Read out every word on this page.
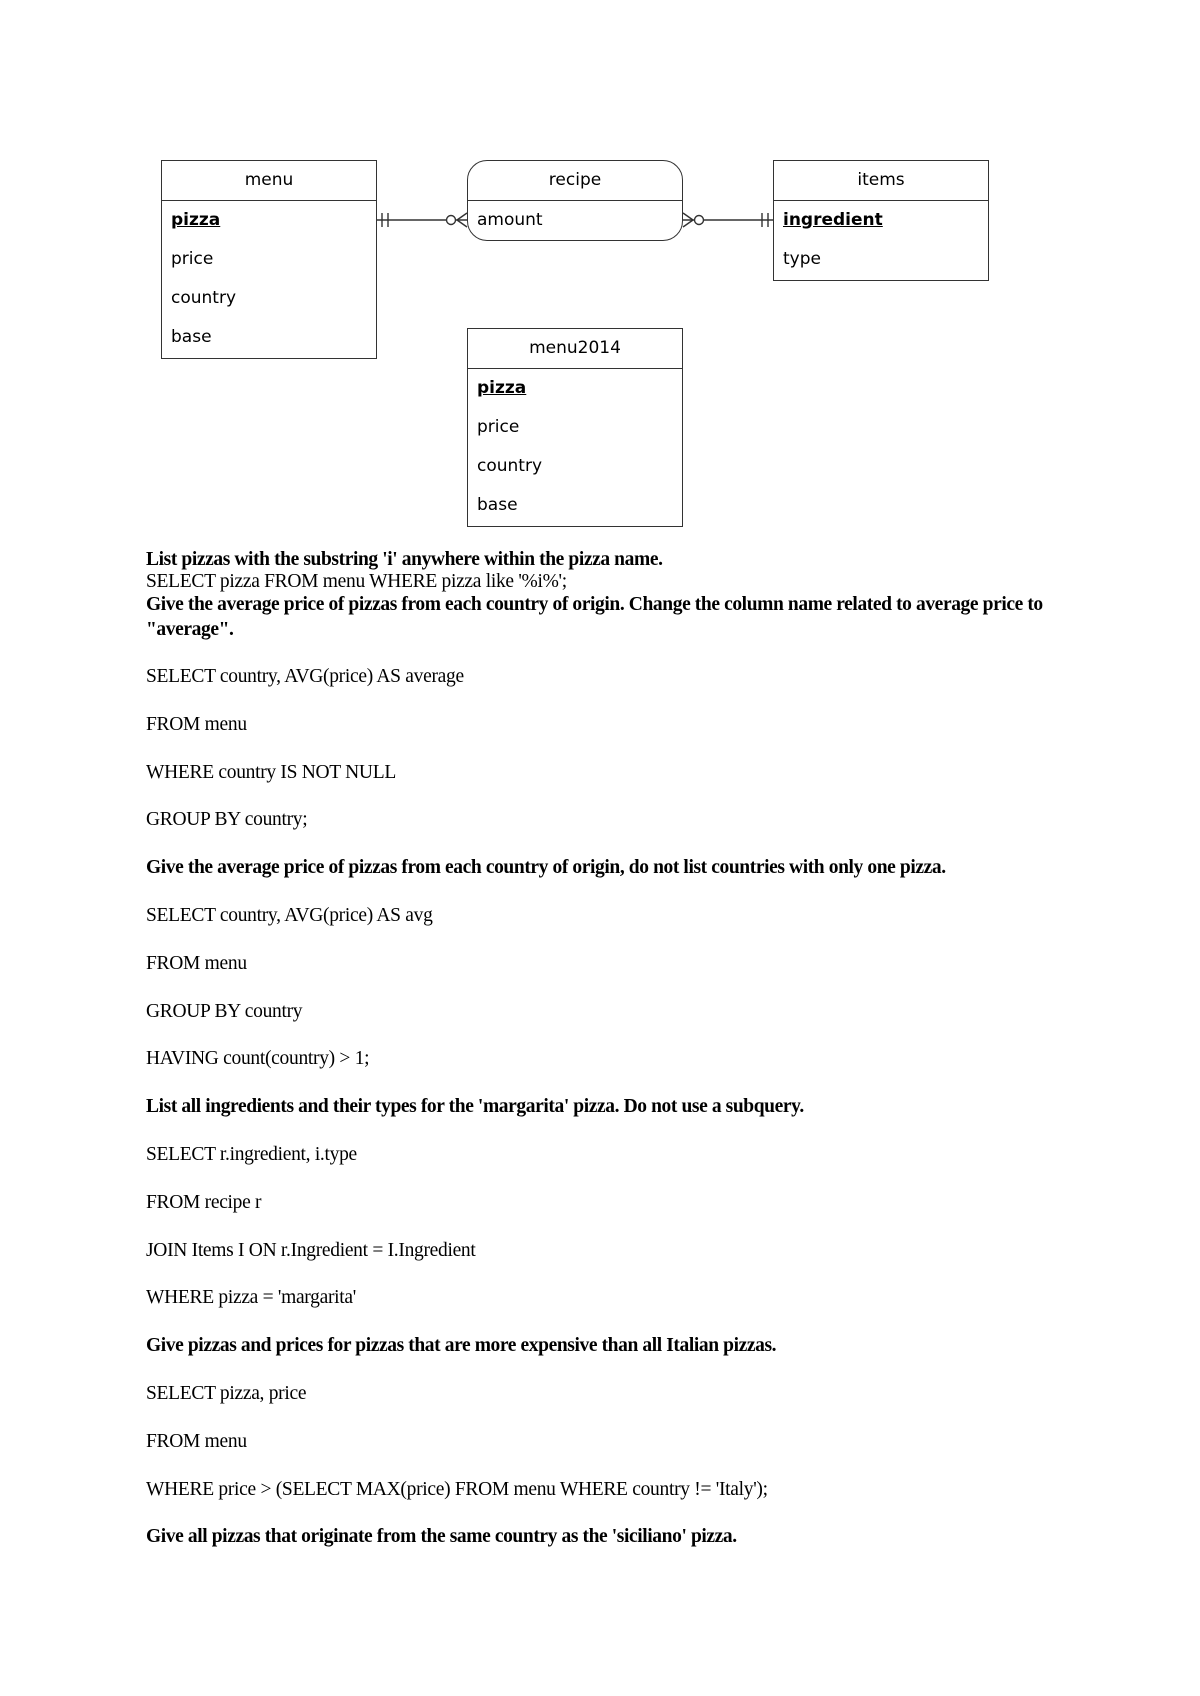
menu
pizza
price
country
base
recipe
amount
items
ingredient
type
menu2014
pizza
price
country
base
List pizzas with the substring 'i' anywhere within the pizza name.
SELECT pizza FROM menu WHERE pizza like '%i%';
Give the average price of pizzas from each country of origin. Change the column name related to average price to "average".
SELECT country, AVG(price) AS average
FROM menu
WHERE country IS NOT NULL
GROUP BY country;
Give the average price of pizzas from each country of origin, do not list countries with only one pizza.
SELECT country, AVG(price) AS avg
FROM menu
GROUP BY country
HAVING count(country) > 1;
List all ingredients and their types for the 'margarita' pizza. Do not use a subquery.
SELECT r.ingredient, i.type
FROM recipe r
JOIN Items I ON r.Ingredient = I.Ingredient
WHERE pizza = 'margarita'
Give pizzas and prices for pizzas that are more expensive than all Italian pizzas.
SELECT pizza, price
FROM menu
WHERE price > (SELECT MAX(price) FROM menu WHERE country != 'Italy');
Give all pizzas that originate from the same country as the 'siciliano' pizza.
